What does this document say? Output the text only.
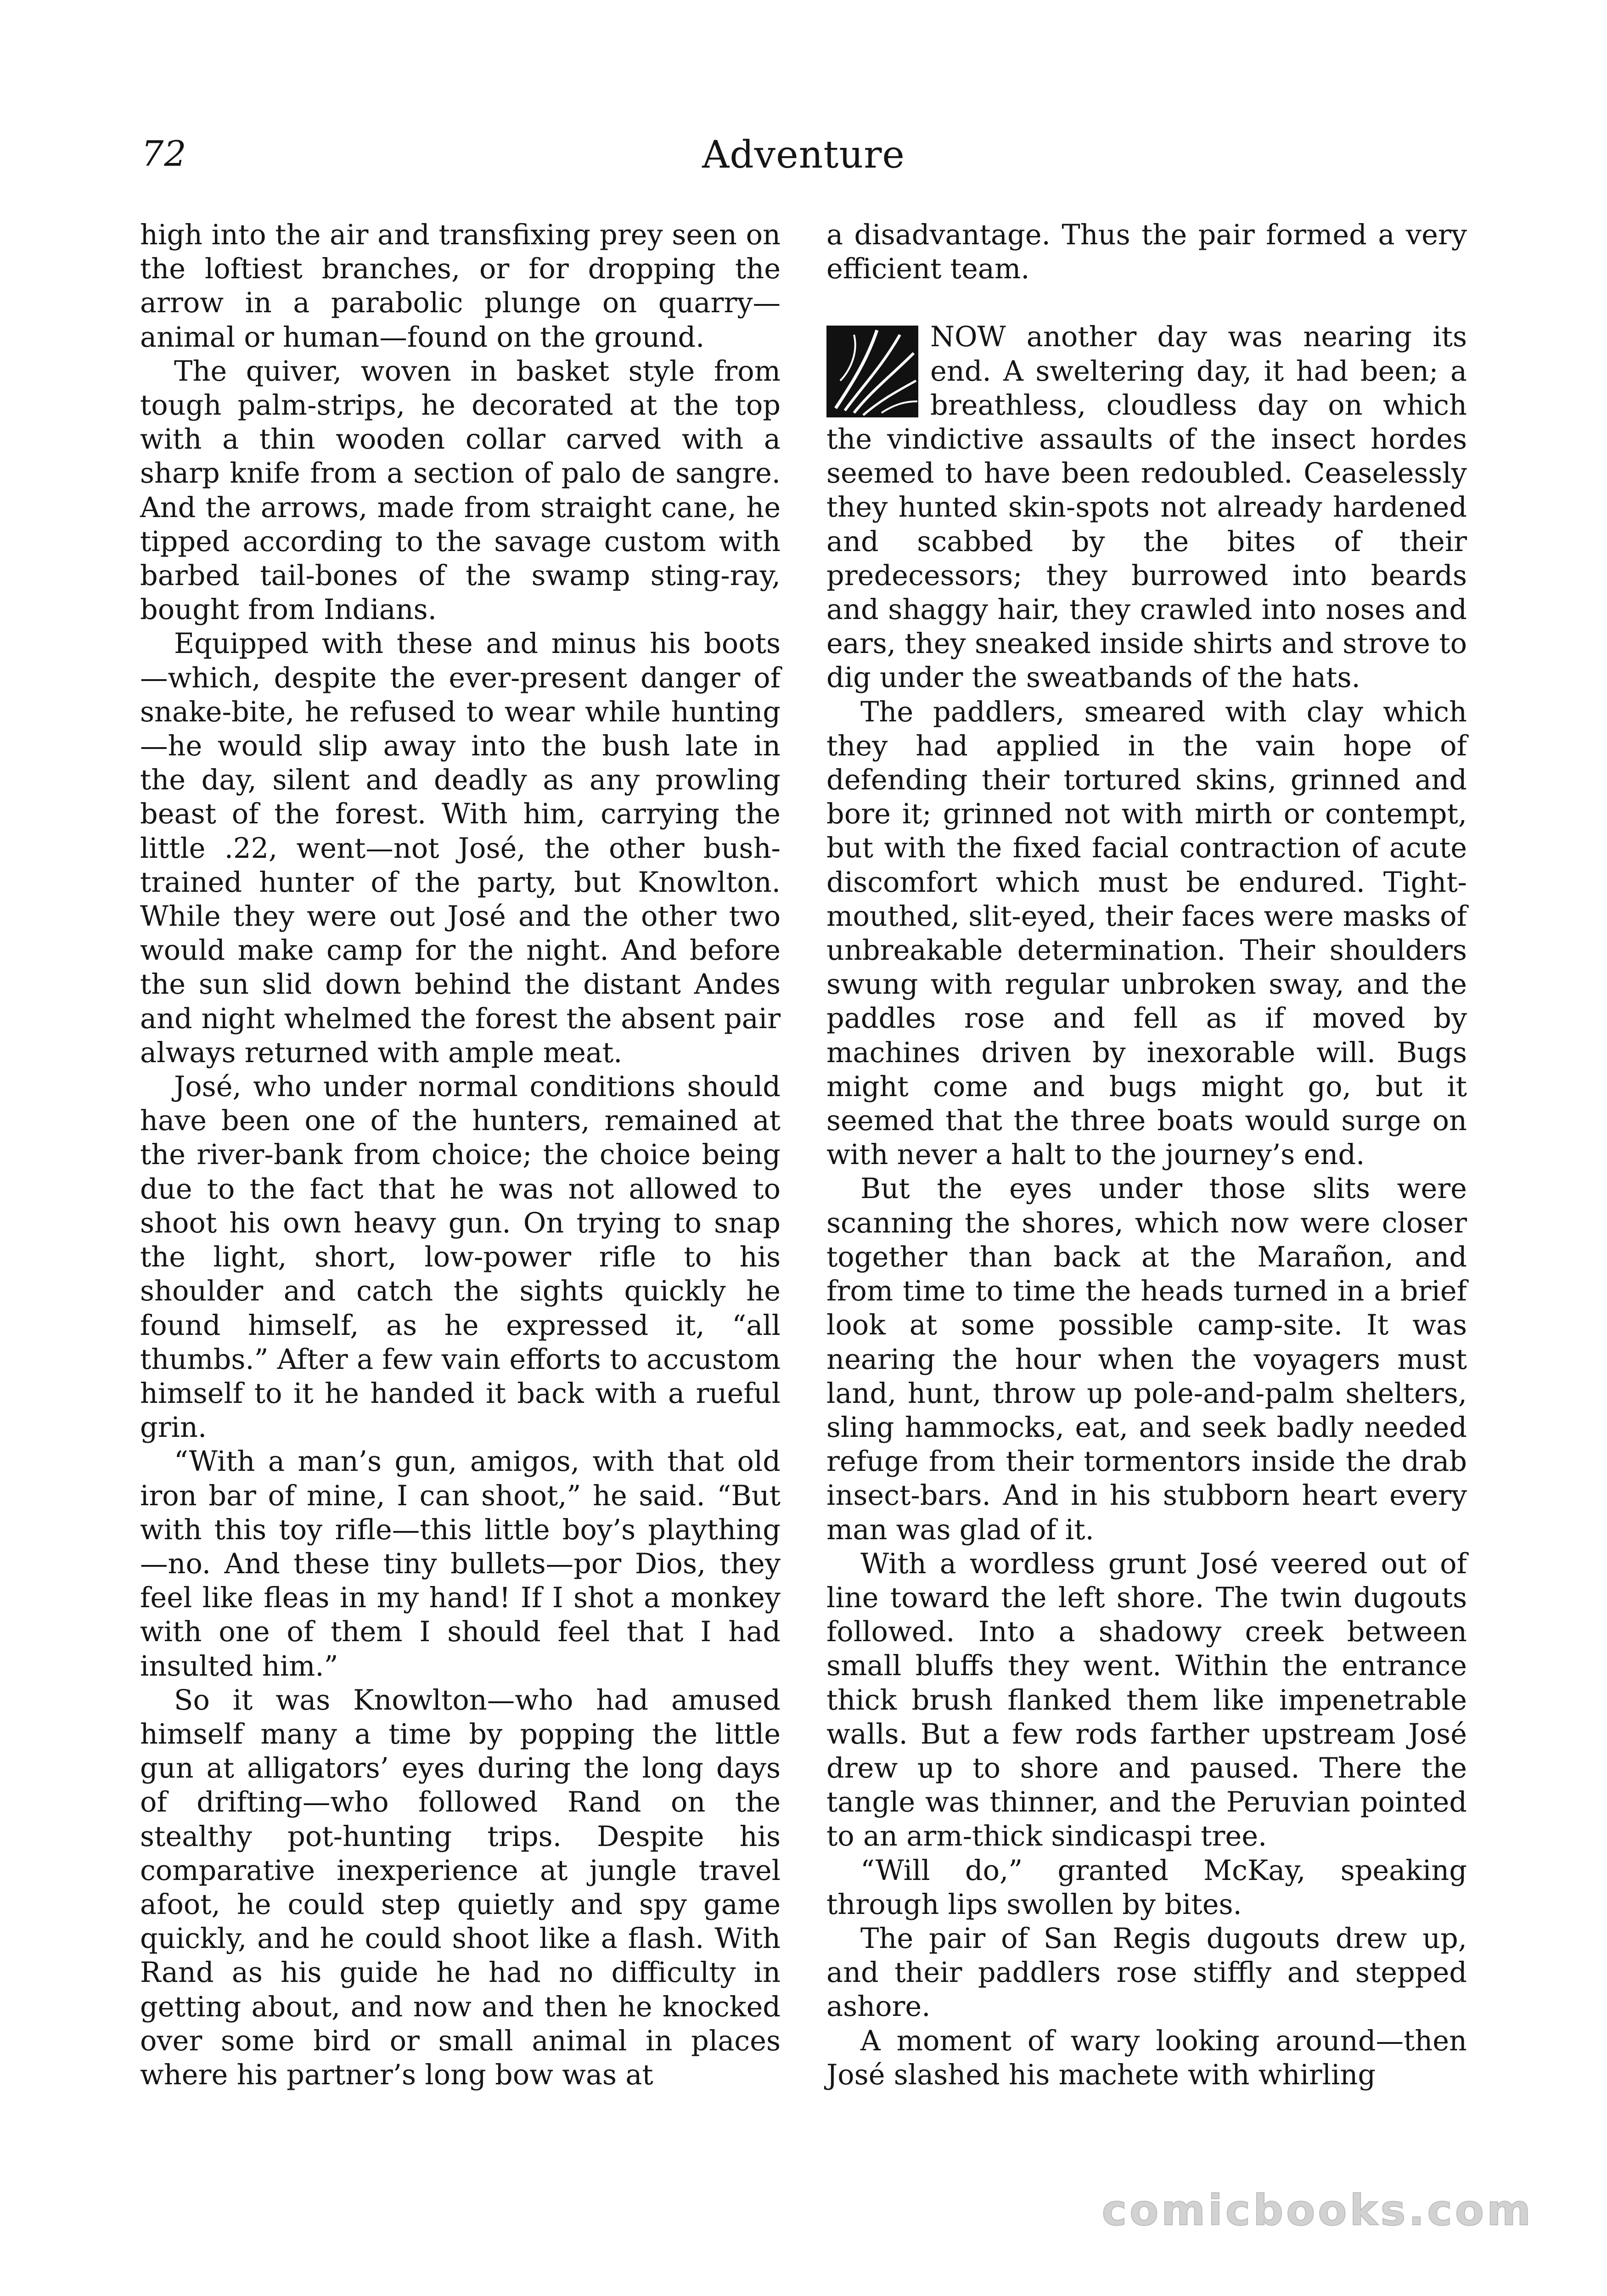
72	Adventure

high into the air and transfixing prey seen on the loftiest branches, or for dropping the arrow in a parabolic plunge on quarry—animal or human—found on the ground.

The quiver, woven in basket style from tough palm-strips, he decorated at the top with a thin wooden collar carved with a sharp knife from a section of palo de sangre. And the arrows, made from straight cane, he tipped according to the savage custom with barbed tail-bones of the swamp sting-ray, bought from Indians.

Equipped with these and minus his boots—which, despite the ever-present danger of snake-bite, he refused to wear while hunting—he would slip away into the bush late in the day, silent and deadly as any prowling beast of the forest. With him, carrying the little .22, went—not José, the other bush-trained hunter of the party, but Knowlton. While they were out José and the other two would make camp for the night. And before the sun slid down behind the distant Andes and night whelmed the forest the absent pair always returned with ample meat.

José, who under normal conditions should have been one of the hunters, remained at the river-bank from choice; the choice being due to the fact that he was not allowed to shoot his own heavy gun. On trying to snap the light, short, low-power rifle to his shoulder and catch the sights quickly he found himself, as he expressed it, “all thumbs.” After a few vain efforts to accustom himself to it he handed it back with a rueful grin.

“With a man’s gun, amigos, with that old iron bar of mine, I can shoot,” he said. “But with this toy rifle—this little boy’s plaything—no. And these tiny bullets—por Dios, they feel like fleas in my hand! If I shot a monkey with one of them I should feel that I had insulted him.”

So it was Knowlton—who had amused himself many a time by popping the little gun at alligators’ eyes during the long days of drifting—who followed Rand on the stealthy pot-hunting trips. Despite his comparative inexperience at jungle travel afoot, he could step quietly and spy game quickly, and he could shoot like a flash. With Rand as his guide he had no difficulty in getting about, and now and then he knocked over some bird or small animal in places where his partner’s long bow was at

a disadvantage. Thus the pair formed a very efficient team.

NOW another day was nearing its end. A sweltering day, it had been; a breathless, cloudless day on which the vindictive assaults of the insect hordes seemed to have been redoubled. Ceaselessly they hunted skin-spots not already hardened and scabbed by the bites of their predecessors; they burrowed into beards and shaggy hair, they crawled into noses and ears, they sneaked inside shirts and strove to dig under the sweatbands of the hats.

The paddlers, smeared with clay which they had applied in the vain hope of defending their tortured skins, grinned and bore it; grinned not with mirth or contempt, but with the fixed facial contraction of acute discomfort which must be endured. Tight-mouthed, slit-eyed, their faces were masks of unbreakable determination. Their shoulders swung with regular unbroken sway, and the paddles rose and fell as if moved by machines driven by inexorable will. Bugs might come and bugs might go, but it seemed that the three boats would surge on with never a halt to the journey’s end.

But the eyes under those slits were scanning the shores, which now were closer together than back at the Marañon, and from time to time the heads turned in a brief look at some possible camp-site. It was nearing the hour when the voyagers must land, hunt, throw up pole-and-palm shelters, sling hammocks, eat, and seek badly needed refuge from their tormentors inside the drab insect-bars. And in his stubborn heart every man was glad of it.

With a wordless grunt José veered out of line toward the left shore. The twin dugouts followed. Into a shadowy creek between small bluffs they went. Within the entrance thick brush flanked them like impenetrable walls. But a few rods farther upstream José drew up to shore and paused. There the tangle was thinner, and the Peruvian pointed to an arm-thick sindicaspi tree.

“Will do,” granted McKay, speaking through lips swollen by bites.

The pair of San Regis dugouts drew up, and their paddlers rose stiffly and stepped ashore.

A moment of wary looking around—then José slashed his machete with whirling

comicbooks.com
